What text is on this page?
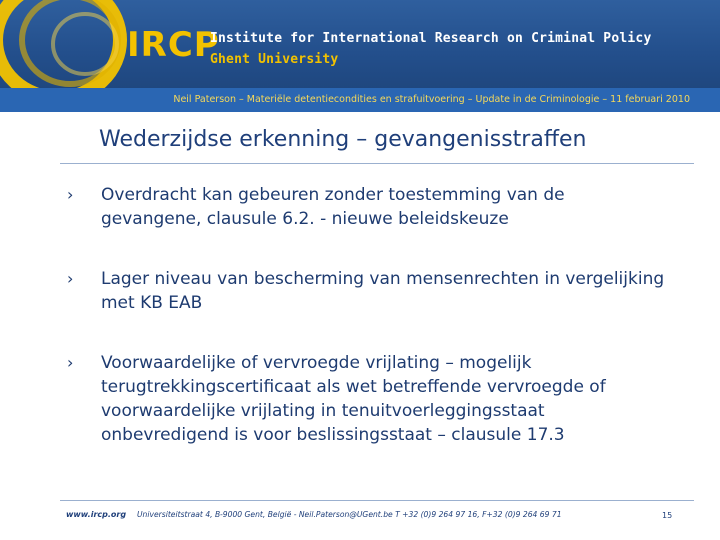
IRCP
Institute for International Research on Criminal Policy
Ghent University
Neil Paterson – Materiële detentiecondities en strafuitvoering – Update in de Criminologie – 11 februari 2010
Wederzijdse erkenning – gevangenisstraffen
›	Overdracht kan gebeuren zonder toestemming van de gevangene, clausule 6.2. - nieuwe beleidskeuze
›	Lager niveau van bescherming van mensenrechten in vergelijking met KB EAB
›	Voorwaardelijke of vervroegde vrijlating – mogelijk terugtrekkingscertificaat als wet betreffende vervroegde of voorwaardelijke vrijlating in tenuitvoerleggingsstaat onbevredigend is voor beslissingsstaat – clausule 17.3
www.ircp.org Universiteitstraat 4, B-9000 Gent, België - Neil.Paterson@UGent.be T +32 (0)9 264 97 16, F+32 (0)9 264 69 71	15
